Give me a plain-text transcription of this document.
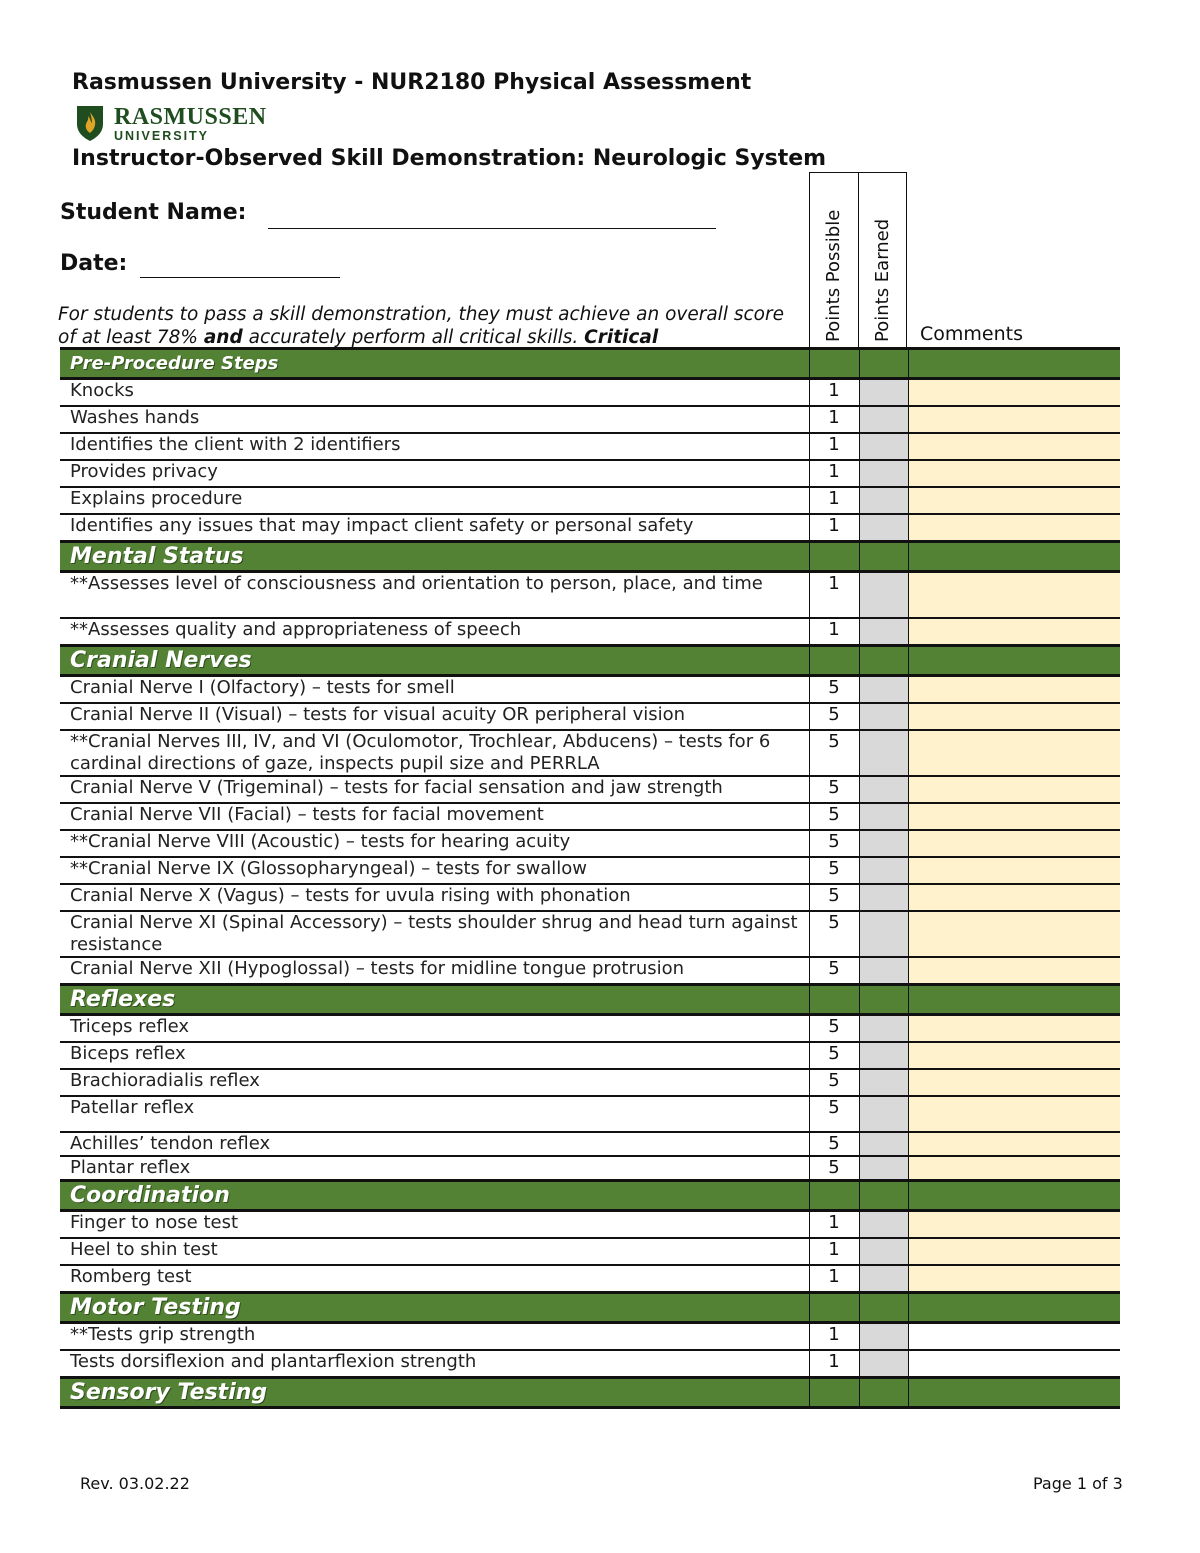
Rasmussen University - NUR2180 Physical Assessment
RASMUSSEN
UNIVERSITY
Instructor-Observed Skill Demonstration: Neurologic System
Student Name:
Date:
For students to pass a skill demonstration, they must achieve an overall score of at least 78% and accurately perform all critical skills. Critical	Points Possible	Points Earned	Comments
Pre-Procedure Steps			
Knocks	1		
Washes hands	1		
Identifies the client with 2 identifiers	1		
Provides privacy	1		
Explains procedure	1		
Identifies any issues that may impact client safety or personal safety	1		
Mental Status			
**Assesses level of consciousness and orientation to person, place, and time	1		
**Assesses quality and appropriateness of speech	1		
Cranial Nerves			
Cranial Nerve I (Olfactory) – tests for smell	5		
Cranial Nerve II (Visual) – tests for visual acuity OR peripheral vision	5		
**Cranial Nerves III, IV, and VI (Oculomotor, Trochlear, Abducens) – tests for 6 cardinal directions of gaze, inspects pupil size and PERRLA	5		
Cranial Nerve V (Trigeminal) – tests for facial sensation and jaw strength	5		
Cranial Nerve VII (Facial) – tests for facial movement	5		
**Cranial Nerve VIII (Acoustic) – tests for hearing acuity	5		
**Cranial Nerve IX (Glossopharyngeal) – tests for swallow	5		
Cranial Nerve X (Vagus) – tests for uvula rising with phonation	5		
Cranial Nerve XI (Spinal Accessory) – tests shoulder shrug and head turn against resistance	5		
Cranial Nerve XII (Hypoglossal) – tests for midline tongue protrusion	5		
Reflexes			
Triceps reflex	5		
Biceps reflex	5		
Brachioradialis reflex	5		
Patellar reflex	5		
Achilles’ tendon reflex	5		
Plantar reflex	5		
Coordination			
Finger to nose test	1		
Heel to shin test	1		
Romberg test	1		
Motor Testing			
**Tests grip strength	1		
Tests dorsiflexion and plantarflexion strength	1		
Sensory Testing			
Rev. 03.02.22	Page 1 of 3
